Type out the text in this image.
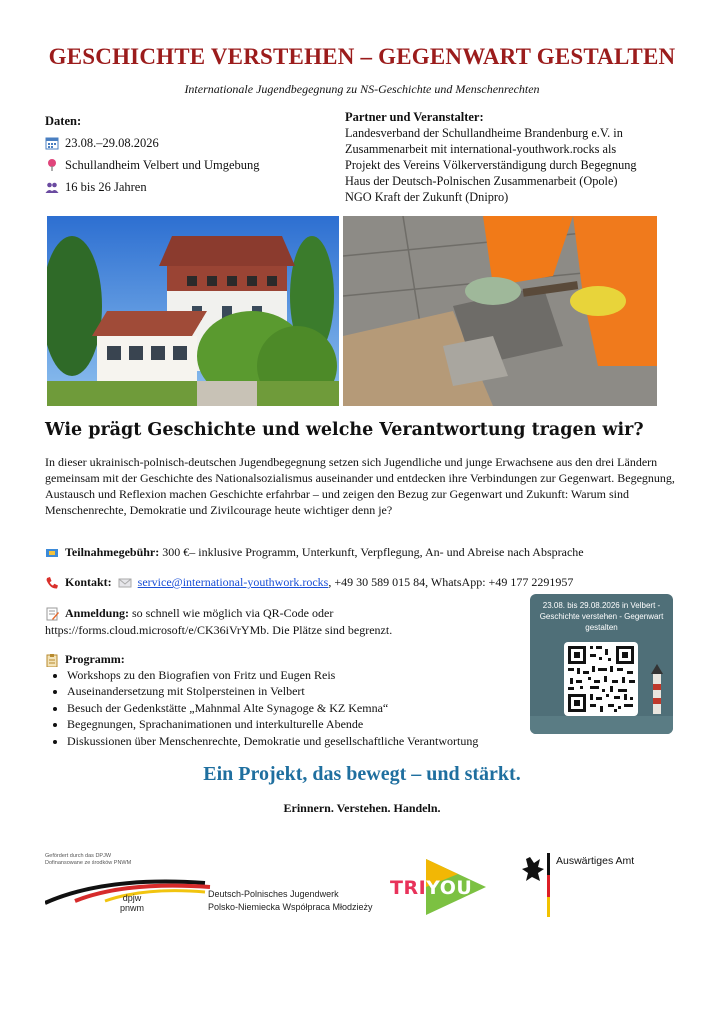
GESCHICHTE VERSTEHEN – GEGENWART GESTALTEN
Internationale Jugendbegegnung zu NS-Geschichte und Menschenrechten
Daten:
23.08.–29.08.2026
Schullandheim Velbert und Umgebung
16 bis 26 Jahren
Partner und Veranstalter:
Landesverband der Schullandheime Brandenburg e.V. in
Zusammenarbeit mit international-youthwork.rocks als
Projekt des Vereins Völkerverständigung durch Begegnung
Haus der Deutsch-Polnischen Zusammenarbeit (Opole)
NGO Kraft der Zukunft (Dnipro)
Wie prägt Geschichte und welche Verantwortung tragen wir?
In dieser ukrainisch-polnisch-deutschen Jugendbegegnung setzen sich Jugendliche und junge Erwachsene aus den drei Ländern gemeinsam mit der Geschichte des Nationalsozialismus auseinander und entdecken ihre Verbindungen zur Gegenwart. Begegnung, Austausch und Reflexion machen Geschichte erfahrbar – und zeigen den Bezug zur Gegenwart und Zukunft: Warum sind Menschenrechte, Demokratie und Zivilcourage heute wichtiger denn je?
Teilnahmegebühr: 300 €– inklusive Programm, Unterkunft, Verpflegung, An- und Abreise nach Absprache
Kontakt: service@international-youthwork.rocks, +49 30 589 015 84, WhatsApp: +49 177 2291957
Anmeldung: so schnell wie möglich via QR-Code oder
https://forms.cloud.microsoft/e/CK36iVrYMb. Die Plätze sind begrenzt.
23.08. bis 29.08.2026 in Velbert -
Geschichte verstehen - Gegenwart
gestalten
Programm:
• Workshops zu den Biografien von Fritz und Eugen Reis
• Auseinandersetzung mit Stolpersteinen in Velbert
• Besuch der Gedenkstätte „Mahnmal Alte Synagoge & KZ Kemna“
• Begegnungen, Sprachanimationen und interkulturelle Abende
• Diskussionen über Menschenrechte, Demokratie und gesellschaftliche Verantwortung
Ein Projekt, das bewegt – und stärkt.
Erinnern. Verstehen. Handeln.
Gefördert durch das DPJW
Dofinansowane ze środków PNWM
dpjw
pnwm
Deutsch-Polnisches Jugendwerk
Polsko-Niemiecka Współpraca Młodzieży
TRIYOU
Auswärtiges Amt
